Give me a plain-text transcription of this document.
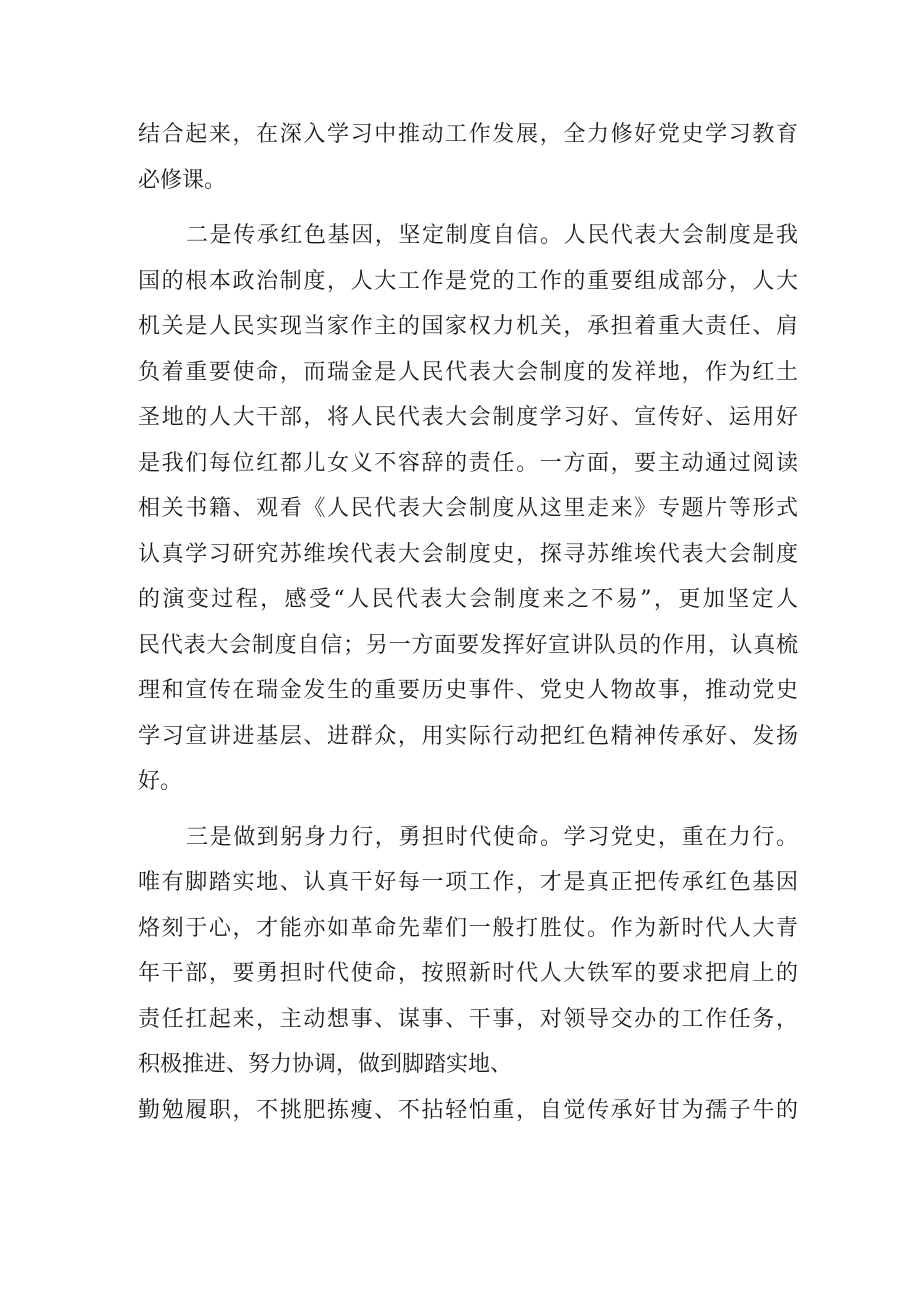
结合起来，在深入学习中推动工作发展，全力修好党史学习教育
必修课。
二是传承红色基因，坚定制度自信。人民代表大会制度是我
国的根本政治制度，人大工作是党的工作的重要组成部分，人大
机关是人民实现当家作主的国家权力机关，承担着重大责任、肩
负着重要使命，而瑞金是人民代表大会制度的发祥地，作为红土
圣地的人大干部，将人民代表大会制度学习好、宣传好、运用好
是我们每位红都儿女义不容辞的责任。一方面，要主动通过阅读
相关书籍、观看《人民代表大会制度从这里走来》专题片等形式
认真学习研究苏维埃代表大会制度史，探寻苏维埃代表大会制度
的演变过程，感受“人民代表大会制度来之不易”，更加坚定人
民代表大会制度自信；另一方面要发挥好宣讲队员的作用，认真梳
理和宣传在瑞金发生的重要历史事件、党史人物故事，推动党史
学习宣讲进基层、进群众，用实际行动把红色精神传承好、发扬
好。
三是做到躬身力行，勇担时代使命。学习党史，重在力行。
唯有脚踏实地、认真干好每一项工作，才是真正把传承红色基因
烙刻于心，才能亦如革命先辈们一般打胜仗。作为新时代人大青
年干部，要勇担时代使命，按照新时代人大铁军的要求把肩上的
责任扛起来，主动想事、谋事、干事，对领导交办的工作任务，
积极推进、努力协调，做到脚踏实地、
勤勉履职，不挑肥拣瘦、不拈轻怕重，自觉传承好甘为孺子牛的
